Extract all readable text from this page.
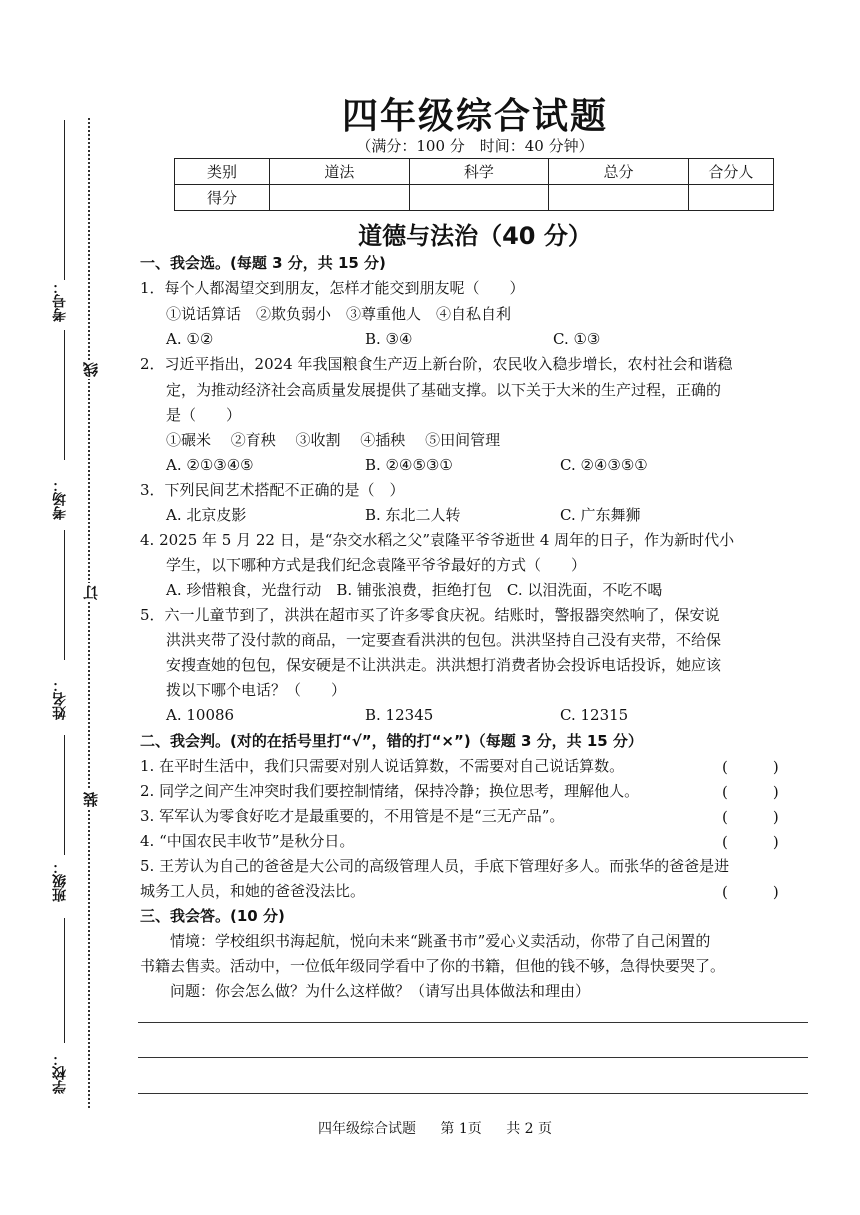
考号：
考场：
姓名：
班级：
学校：
线
订
装
四年级综合试题
（满分：100 分　时间：40 分钟）
类别	道法	科学	总分	合分人
得分				
道德与法治（40 分）
一、我会选。(每题 3 分，共 15 分)
1．每个人都渴望交到朋友，怎样才能交到朋友呢（　　）
①说话算话　②欺负弱小　③尊重他人　④自私自利
A. ①②	B. ③④	C. ①③
2．习近平指出，2024 年我国粮食生产迈上新台阶，农民收入稳步增长，农村社会和谐稳
定，为推动经济社会高质量发展提供了基础支撑。以下关于大米的生产过程，正确的
是（　　）
①碾米　 ②育秧　 ③收割　 ④插秧　 ⑤田间管理
A. ②①③④⑤	B. ②④⑤③①	C. ②④③⑤①
3．下列民间艺术搭配不正确的是（　）
A. 北京皮影	B. 东北二人转	C. 广东舞狮
4. 2025 年 5 月 22 日，是“杂交水稻之父”袁隆平爷爷逝世 4 周年的日子，作为新时代小
学生，以下哪种方式是我们纪念袁隆平爷爷最好的方式（　　）
A. 珍惜粮食，光盘行动　B. 铺张浪费，拒绝打包　C. 以泪洗面，不吃不喝
5．六一儿童节到了，洪洪在超市买了许多零食庆祝。结账时，警报器突然响了，保安说
洪洪夹带了没付款的商品，一定要查看洪洪的包包。洪洪坚持自己没有夹带，不给保
安搜查她的包包，保安硬是不让洪洪走。洪洪想打消费者协会投诉电话投诉，她应该
拨以下哪个电话？（　　）
A. 10086	B. 12345	C. 12315
二、我会判。(对的在括号里打“√”，错的打“×”)（每题 3 分，共 15 分）
1. 在平时生活中，我们只需要对别人说话算数，不需要对自己说话算数。	(　　　)
2. 同学之间产生冲突时我们要控制情绪，保持冷静；换位思考，理解他人。	(　　　)
3. 军军认为零食好吃才是最重要的，不用管是不是“三无产品”。	(　　　)
4. “中国农民丰收节”是秋分日。	(　　　)
5. 王芳认为自己的爸爸是大公司的高级管理人员，手底下管理好多人。而张华的爸爸是进
城务工人员，和她的爸爸没法比。	(　　　)
三、我会答。(10 分)
　　情境：学校组织书海起航，悦向未来“跳蚤书市”爱心义卖活动，你带了自己闲置的
书籍去售卖。活动中，一位低年级同学看中了你的书籍，但他的钱不够，急得快要哭了。
　　问题：你会怎么做？为什么这样做？（请写出具体做法和理由）
四年级综合试题 第 1页 共 2 页
